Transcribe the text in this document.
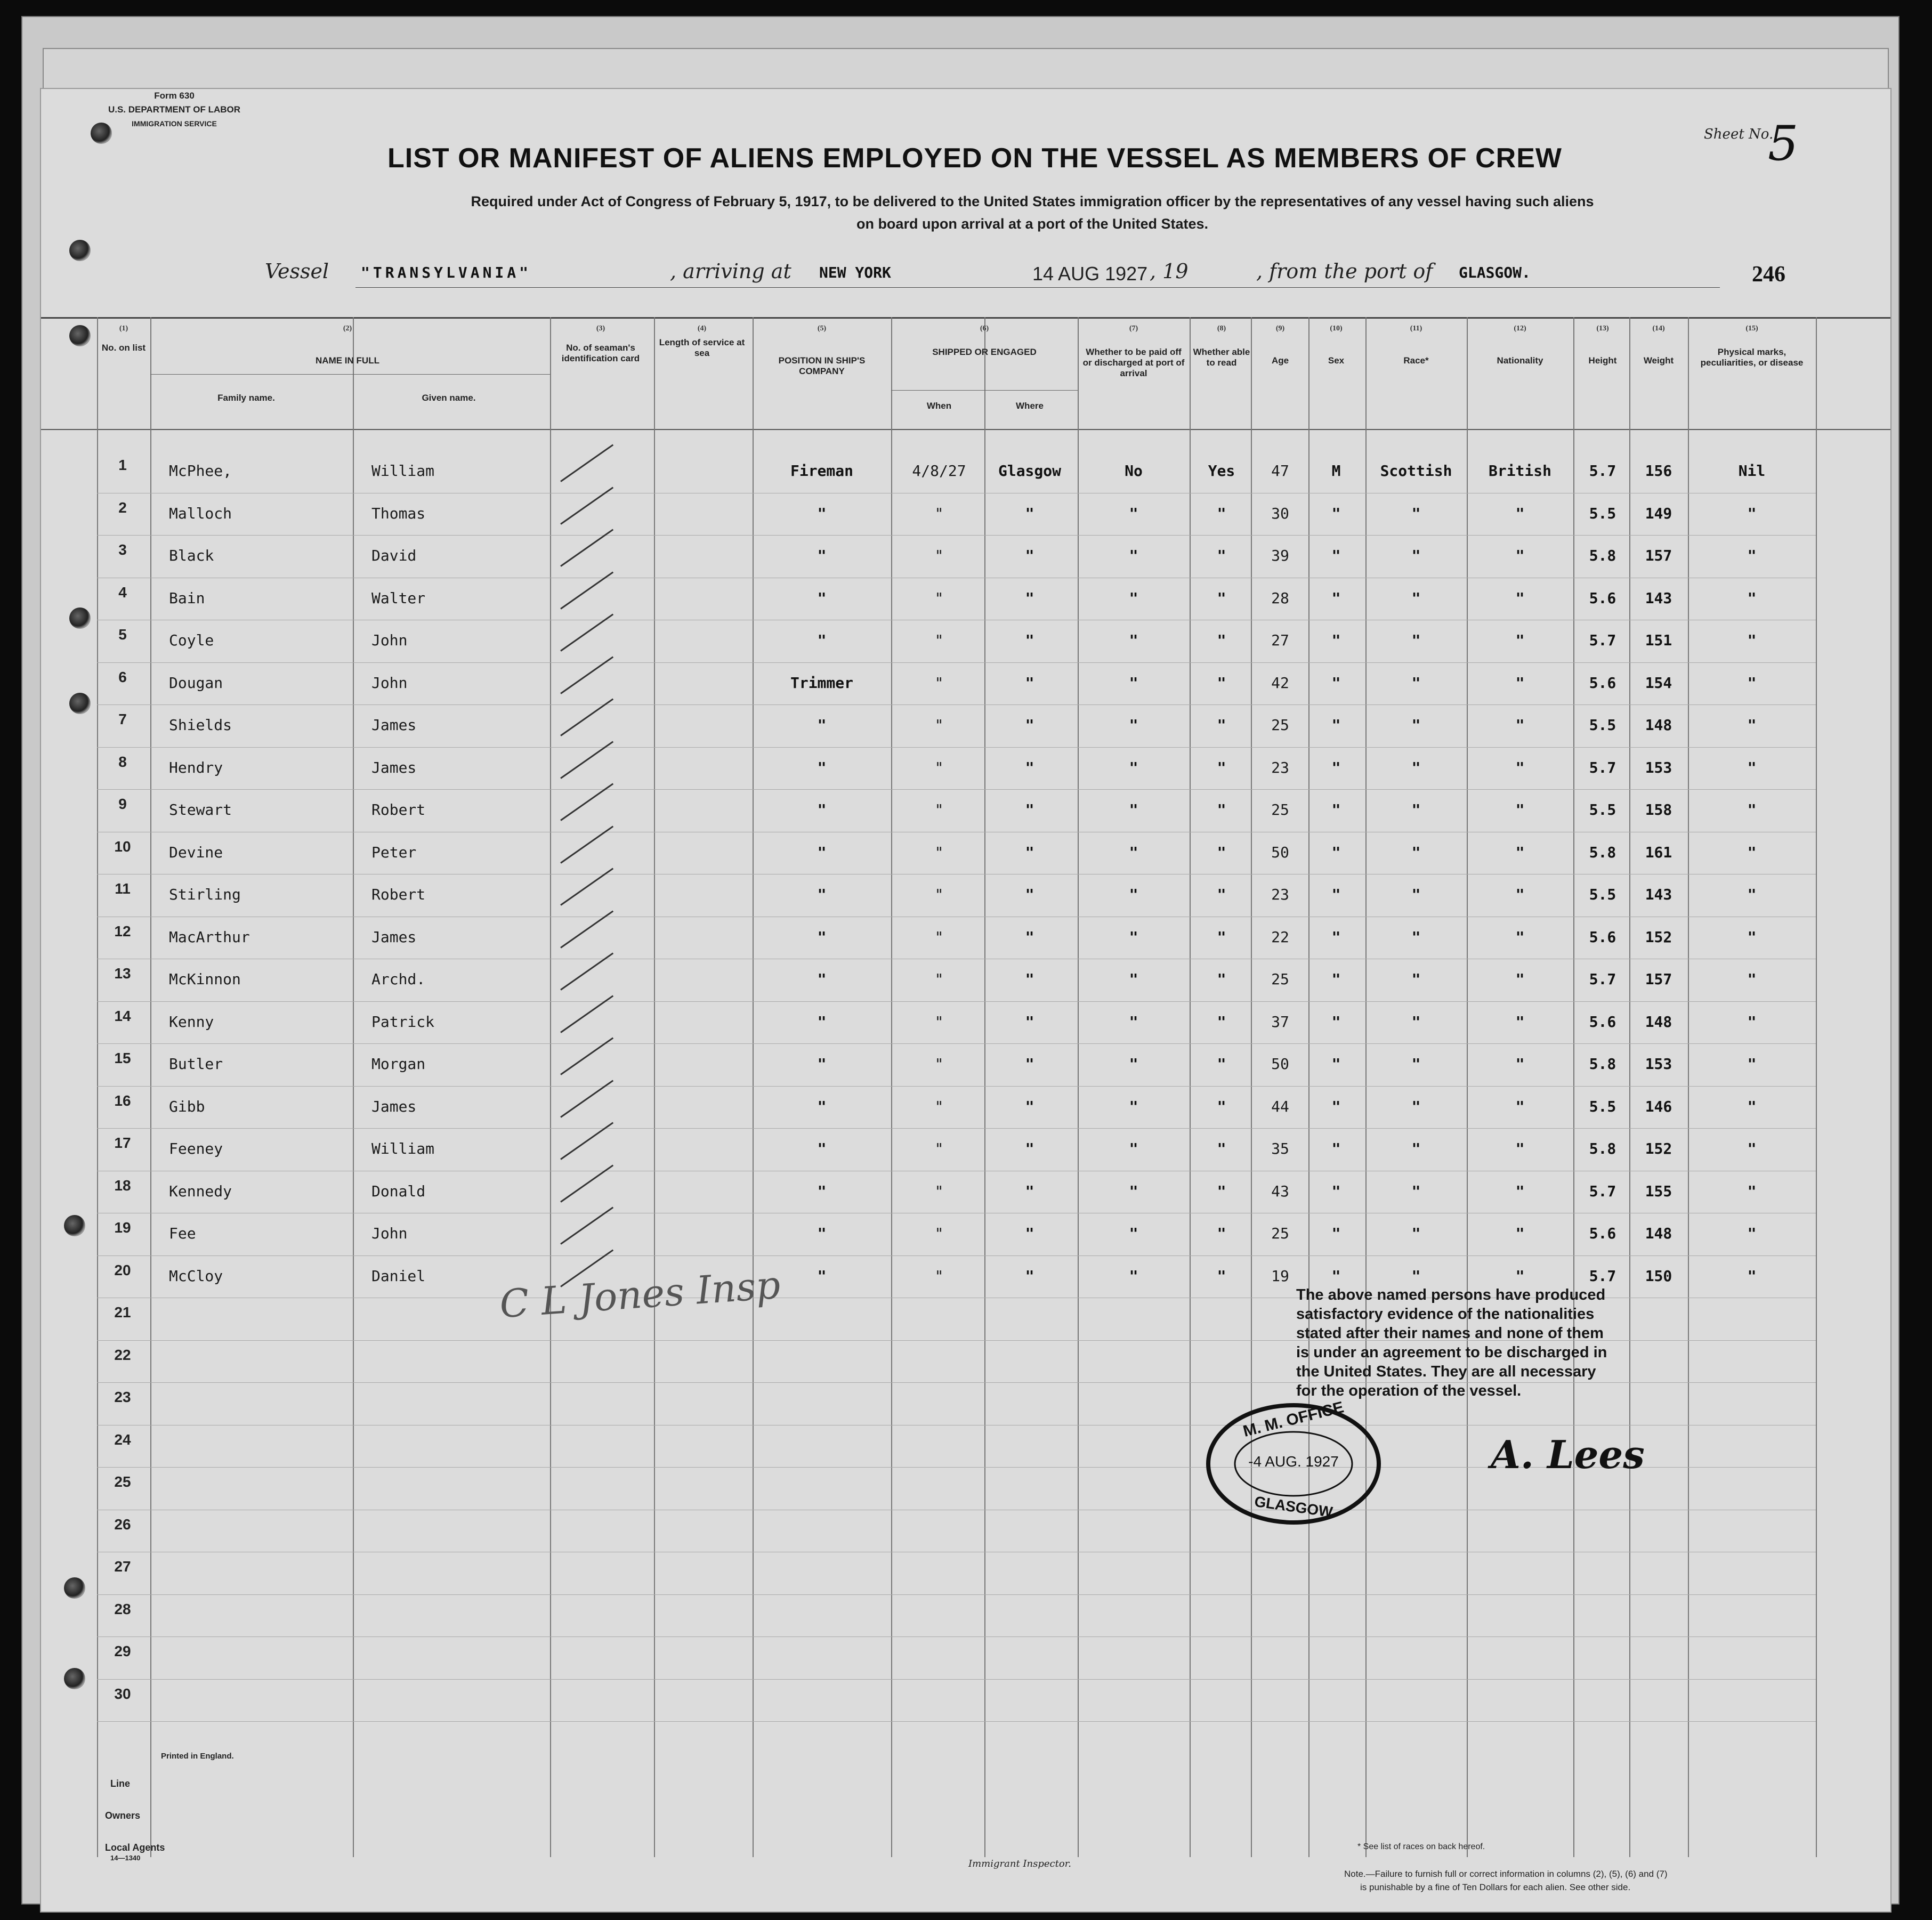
Form 630
U.S. DEPARTMENT OF LABOR
IMMIGRATION SERVICE
Sheet No.
5
LIST OR MANIFEST OF ALIENS EMPLOYED ON THE VESSEL AS MEMBERS OF CREW
Required under Act of Congress of February 5, 1917, to be delivered to the United States immigration officer by the representatives of any vessel having such aliens
on board upon arrival at a port of the United States.
Vessel "TRANSYLVANIA"	, arriving at NEW YORK	14 AUG 1927 , 19	, from the port of GLASGOW.	246
(1)
No. on list
(2)
NAME IN FULL
Family name.	Given name.
(3)
No. of seaman's identification card
(4)
Length of service at sea
(5)
POSITION IN SHIP'S COMPANY
(6)
SHIPPED OR ENGAGED
When	Where
(7)
Whether to be paid off or discharged at port of arrival
(8)
Whether able to read
(9)
Age
(10)
Sex
(11)
Race*
(12)
Nationality
(13)
Height
(14)
Weight
(15)
Physical marks, peculiarities, or disease
1	McPhee,	William	Fireman	4/8/27	Glasgow	No	Yes	47	M	Scottish	British	5.7	156	Nil
2	Malloch	Thomas	"	"	"	"	"	30	"	"	"	5.5	149	"
3	Black	David	"	"	"	"	"	39	"	"	"	5.8	157	"
4	Bain	Walter	"	"	"	"	"	28	"	"	"	5.6	143	"
5	Coyle	John	"	"	"	"	"	27	"	"	"	5.7	151	"
6	Dougan	John	Trimmer	"	"	"	"	42	"	"	"	5.6	154	"
7	Shields	James	"	"	"	"	"	25	"	"	"	5.5	148	"
8	Hendry	James	"	"	"	"	"	23	"	"	"	5.7	153	"
9	Stewart	Robert	"	"	"	"	"	25	"	"	"	5.5	158	"
10	Devine	Peter	"	"	"	"	"	50	"	"	"	5.8	161	"
11	Stirling	Robert	"	"	"	"	"	23	"	"	"	5.5	143	"
12	MacArthur	James	"	"	"	"	"	22	"	"	"	5.6	152	"
13	McKinnon	Archd.	"	"	"	"	"	25	"	"	"	5.7	157	"
14	Kenny	Patrick	"	"	"	"	"	37	"	"	"	5.6	148	"
15	Butler	Morgan	"	"	"	"	"	50	"	"	"	5.8	153	"
16	Gibb	James	"	"	"	"	"	44	"	"	"	5.5	146	"
17	Feeney	William	"	"	"	"	"	35	"	"	"	5.8	152	"
18	Kennedy	Donald	"	"	"	"	"	43	"	"	"	5.7	155	"
19	Fee	John	"	"	"	"	"	25	"	"	"	5.6	148	"
20	McCloy	Daniel	"	"	"	"	"	19	"	"	"	5.7	150	"
21
22
23
24
25
26
27
28
29
30
C L Jones Insp	The above named persons have produced
satisfactory evidence of the nationalities
stated after their names and none of them
is under an agreement to be discharged in
the United States. They are all necessary
for the operation of the vessel.
M. M. OFFICE
-4 AUG. 1927
GLASGOW
A. Lees
Printed in England.
Line
Owners
Local Agents
14—1340
Immigrant Inspector.
* See list of races on back hereof.
Note.—Failure to furnish full or correct information in columns (2), (5), (6) and (7)
is punishable by a fine of Ten Dollars for each alien. See other side.
